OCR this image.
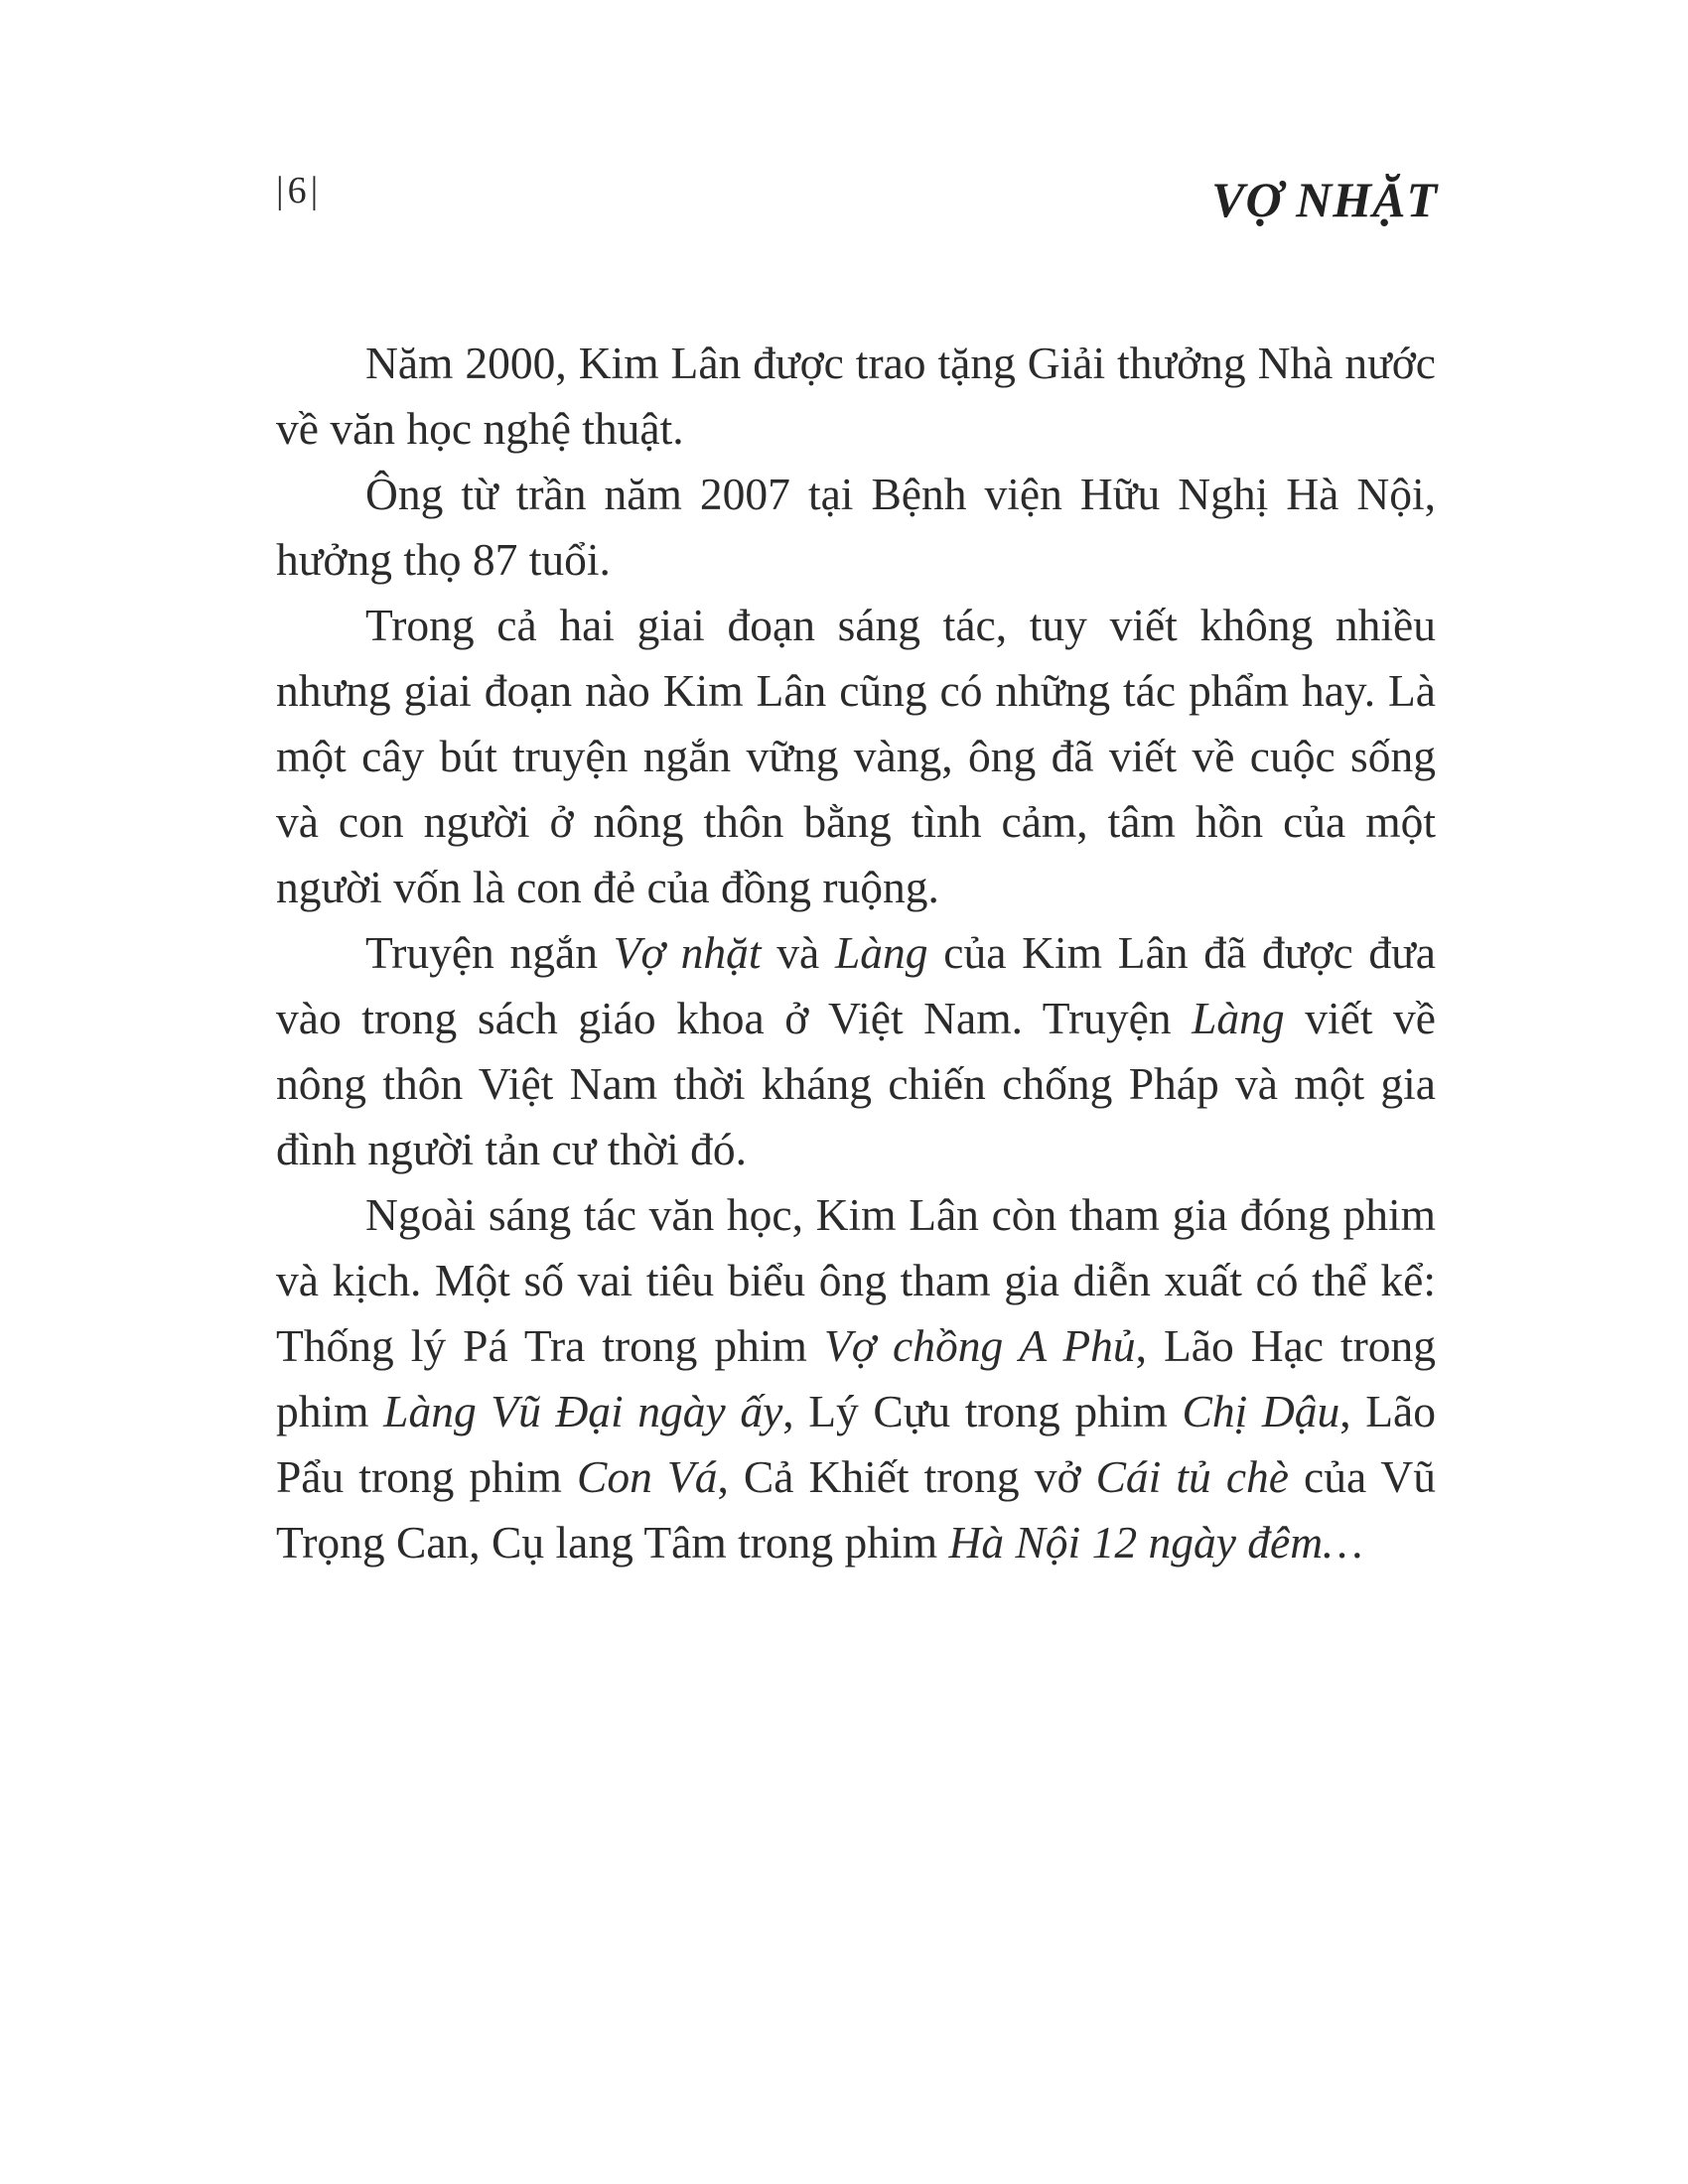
|6|	VỢ NHẶT

Năm 2000, Kim Lân được trao tặng Giải thưởng Nhà nước về văn học nghệ thuật.

Ông từ trần năm 2007 tại Bệnh viện Hữu Nghị Hà Nội, hưởng thọ 87 tuổi.

Trong cả hai giai đoạn sáng tác, tuy viết không nhiều nhưng giai đoạn nào Kim Lân cũng có những tác phẩm hay. Là một cây bút truyện ngắn vững vàng, ông đã viết về cuộc sống và con người ở nông thôn bằng tình cảm, tâm hồn của một người vốn là con đẻ của đồng ruộng.

Truyện ngắn Vợ nhặt và Làng của Kim Lân đã được đưa vào trong sách giáo khoa ở Việt Nam. Truyện Làng viết về nông thôn Việt Nam thời kháng chiến chống Pháp và một gia đình người tản cư thời đó.

Ngoài sáng tác văn học, Kim Lân còn tham gia đóng phim và kịch. Một số vai tiêu biểu ông tham gia diễn xuất có thể kể: Thống lý Pá Tra trong phim Vợ chồng A Phủ, Lão Hạc trong phim Làng Vũ Đại ngày ấy, Lý Cựu trong phim Chị Dậu, Lão Pẩu trong phim Con Vá, Cả Khiết trong vở Cái tủ chè của Vũ Trọng Can, Cụ lang Tâm trong phim Hà Nội 12 ngày đêm…
